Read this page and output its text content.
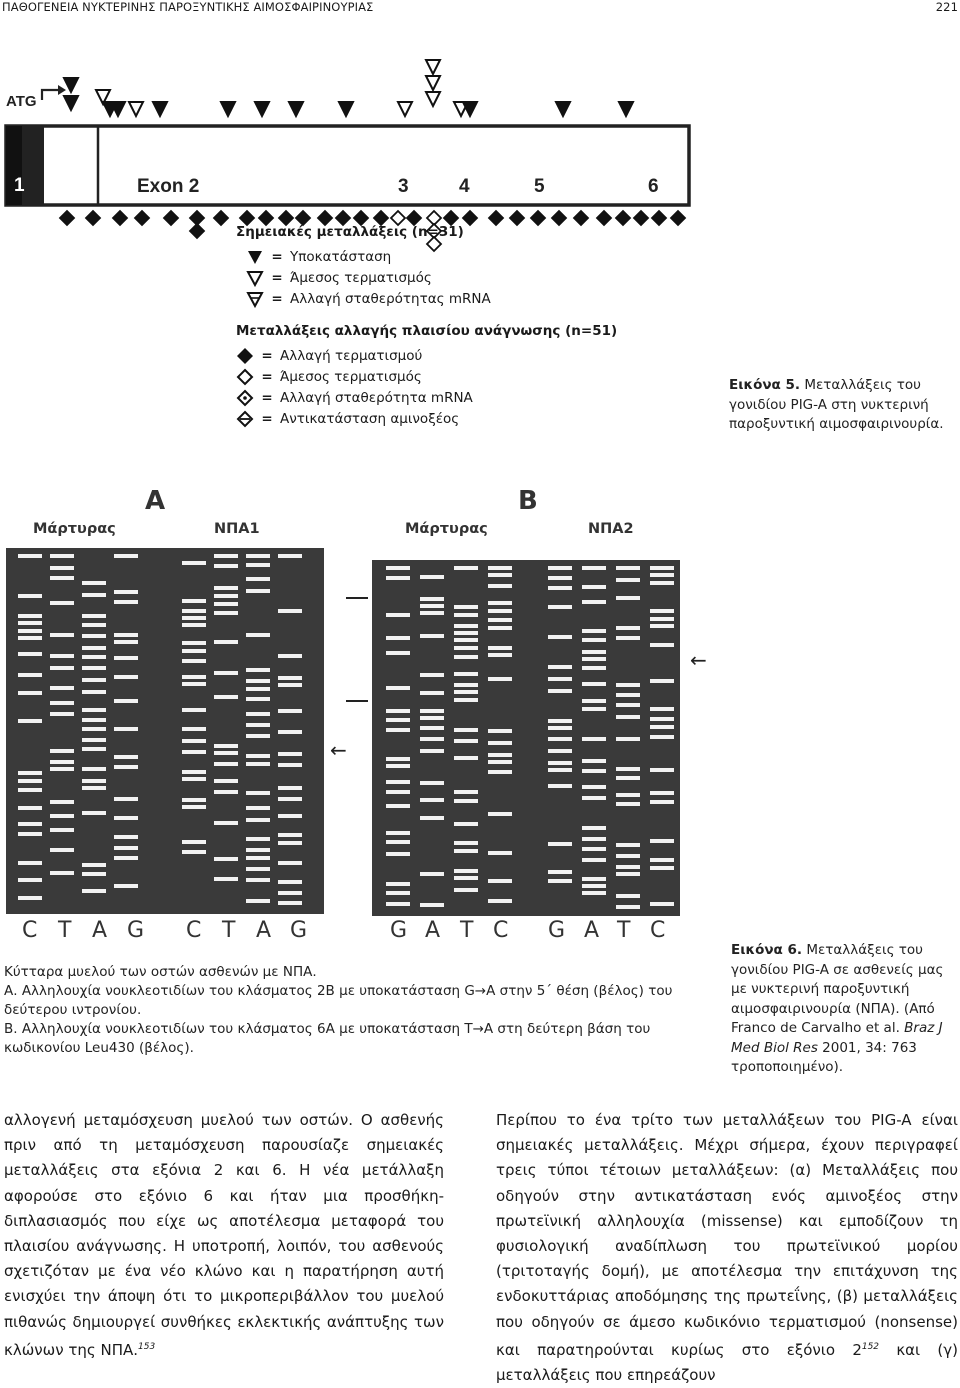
ΠΑΘΟΓΕΝΕΙΑ ΝΥΚΤΕΡΙΝΗΣ ΠΑΡΟΞΥΝΤΙΚΗΣ ΑΙΜΟΣΦΑΙΡΙΝΟΥΡΙΑΣ	221
ATG
1	Exon 2	3	4	5	6
Σημειακές μεταλλάξεις (n=31)
= Υποκατάσταση
= Άμεσος τερματισμός
= Αλλαγή σταθερότητας mRNA
Μεταλλάξεις αλλαγής πλαισίου ανάγνωσης (n=51)
= Αλλαγή τερματισμού
= Άμεσος τερματισμός
= Αλλαγή σταθερότητα mRNA
= Αντικατάσταση αμινοξέος
Εικόνα 5. Μεταλλάξεις του γονιδίου PIG-A στη νυκτερινή παροξυντική αιμοσφαιρινουρία.
A	B
Μάρτυρας	ΝΠΑ1	Μάρτυρας	ΝΠΑ2
←
←
C T A G C T A G	G A T C G A T C
Κύτταρα μυελού των οστών ασθενών με ΝΠΑ.
Α. Αλληλουχία νουκλεοτιδίων του κλάσματος 2Β με υποκατάσταση G→A στην 5΄ θέση (βέλος) του δεύτερου ιντρονίου.
Β. Αλληλουχία νουκλεοτιδίων του κλάσματος 6Α με υποκατάσταση Τ→Α στη δεύτερη βάση του κωδικονίου Leu430 (βέλος).
Εικόνα 6. Μεταλλάξεις του γονιδίου PIG-A σε ασθενείς μας με νυκτερινή παροξυντική αιμοσφαιρινουρία (ΝΠΑ). (Από Franco de Carvalho et al. Braz J Med Biol Res 2001, 34: 763 τροποποιημένο).
αλλογενή μεταμόσχευση μυελού των οστών. Ο ασθενής πριν από τη μεταμόσχευση παρουσίαζε σημειακές μεταλλάξεις στα εξόνια 2 και 6. Η νέα μετάλλαξη αφορούσε στο εξόνιο 6 και ήταν μια προσθήκη-διπλασιασμός που είχε ως αποτέλεσμα μεταφορά του πλαισίου ανάγνωσης. Η υποτροπή, λοιπόν, του ασθενούς σχετιζόταν με ένα νέο κλώνο και η παρατήρηση αυτή ενισχύει την άποψη ότι το μικροπεριβάλλον του μυελού πιθανώς δημιουργεί συνθήκες εκλεκτικής ανάπτυξης των κλώνων της ΝΠΑ.$^{153}$
Περίπου το ένα τρίτο των μεταλλάξεων του PIG-A είναι σημειακές μεταλλάξεις. Μέχρι σήμερα, έχουν περιγραφεί τρεις τύποι τέτοιων μεταλλάξεων: (α) Μεταλλάξεις που οδηγούν στην αντικατάσταση ενός αμινοξέος στην πρωτεϊνική αλληλουχία (missense) και εμποδίζουν τη φυσιολογική αναδίπλωση του πρωτεϊνικού μορίου (τριτοταγής δομή), με αποτέλεσμα την επιτάχυνση της ενδοκυττάριας αποδόμησης της πρωτεΐνης, (β) μεταλλάξεις που οδηγούν σε άμεσο κωδικόνιο τερματισμού (nonsense) και παρατηρούνται κυρίως στο εξόνιο $2^{152}$ και (γ) μεταλλάξεις που επηρεάζουν
